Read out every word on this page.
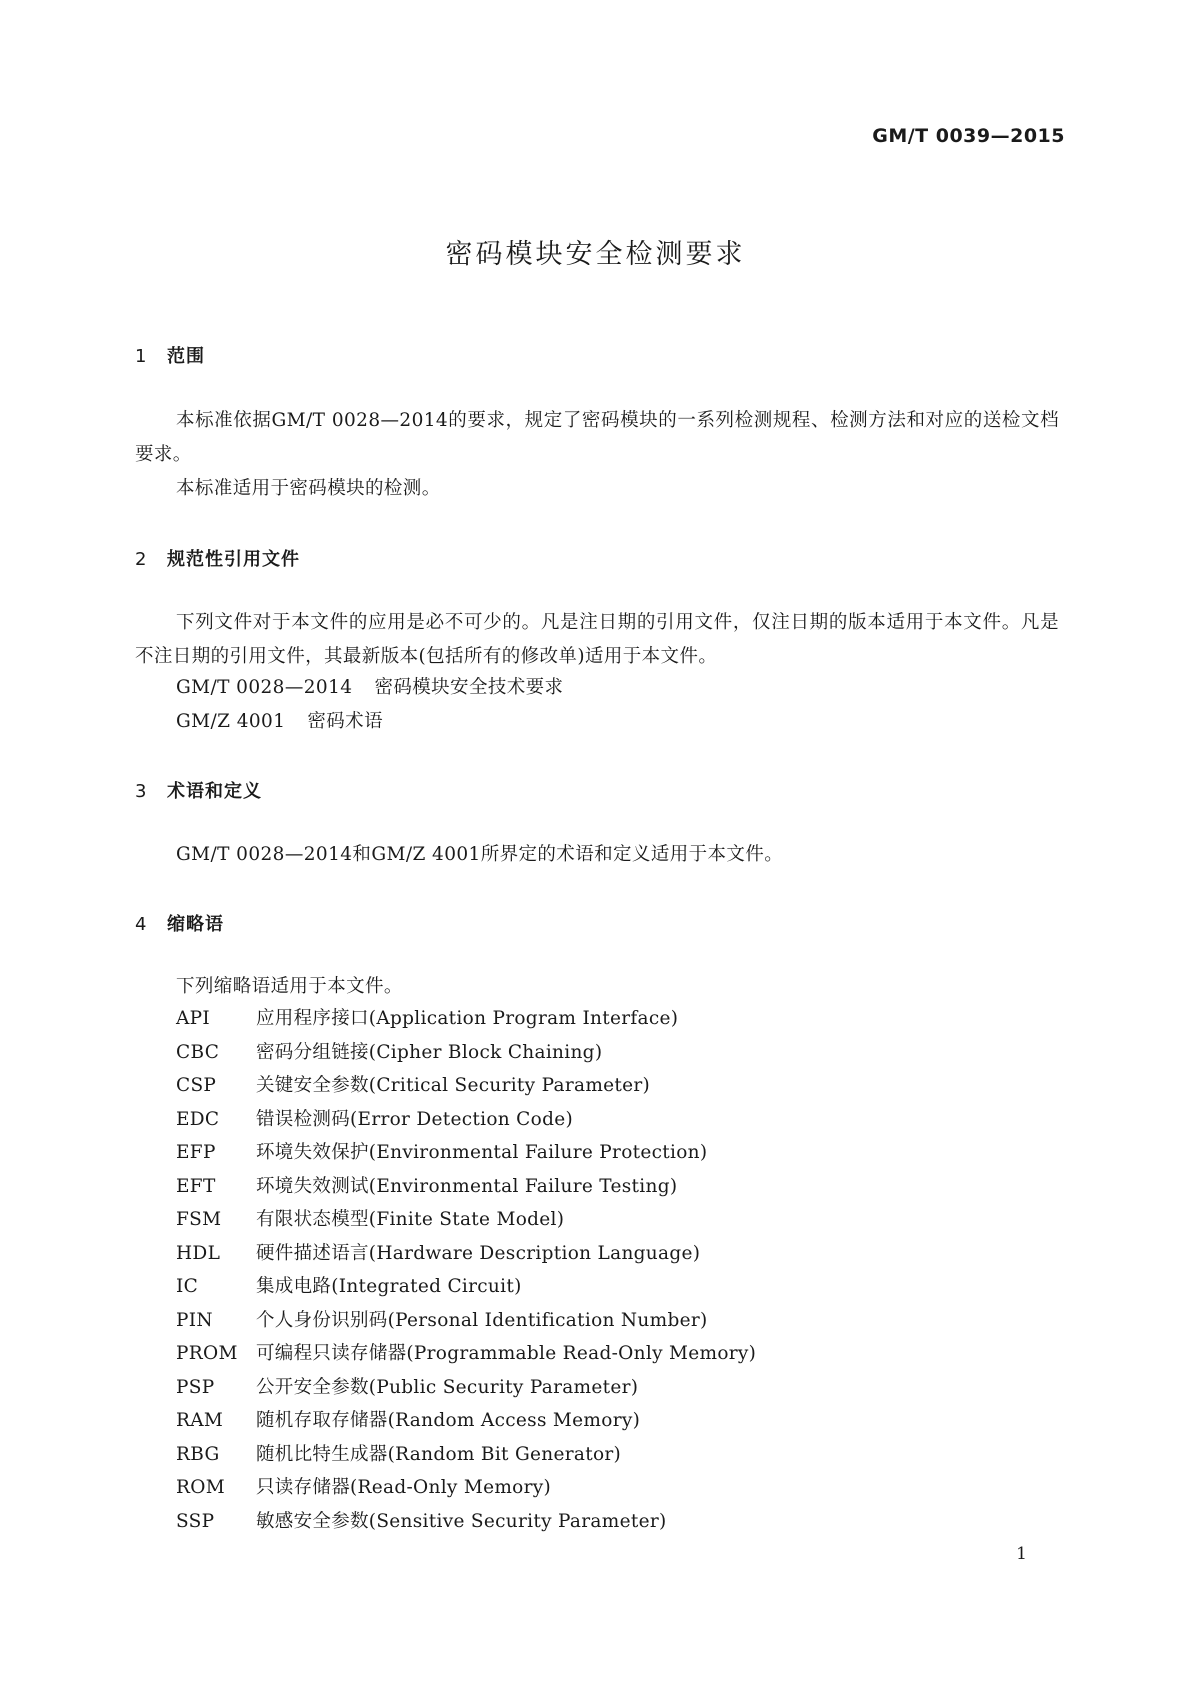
GM/T 0039—2015
密码模块安全检测要求
1 范围
本标准依据GM/T 0028—2014的要求，规定了密码模块的一系列检测规程、检测方法和对应的送检文档要求。
本标准适用于密码模块的检测。
2 规范性引用文件
下列文件对于本文件的应用是必不可少的。凡是注日期的引用文件，仅注日期的版本适用于本文件。凡是不注日期的引用文件，其最新版本(包括所有的修改单)适用于本文件。
GM/T 0028—2014 密码模块安全技术要求
GM/Z 4001 密码术语
3 术语和定义
GM/T 0028—2014和GM/Z 4001所界定的术语和定义适用于本文件。
4 缩略语
下列缩略语适用于本文件。
API 应用程序接口(Application Program Interface)
CBC 密码分组链接(Cipher Block Chaining)
CSP 关键安全参数(Critical Security Parameter)
EDC 错误检测码(Error Detection Code)
EFP 环境失效保护(Environmental Failure Protection)
EFT 环境失效测试(Environmental Failure Testing)
FSM 有限状态模型(Finite State Model)
HDL 硬件描述语言(Hardware Description Language)
IC	集成电路(Integrated Circuit)
PIN 个人身份识别码(Personal Identification Number)
PROM 可编程只读存储器(Programmable Read-Only Memory)
PSP 公开安全参数(Public Security Parameter)
RAM 随机存取存储器(Random Access Memory)
RBG 随机比特生成器(Random Bit Generator)
ROM 只读存储器(Read-Only Memory)
SSP 敏感安全参数(Sensitive Security Parameter)
1
